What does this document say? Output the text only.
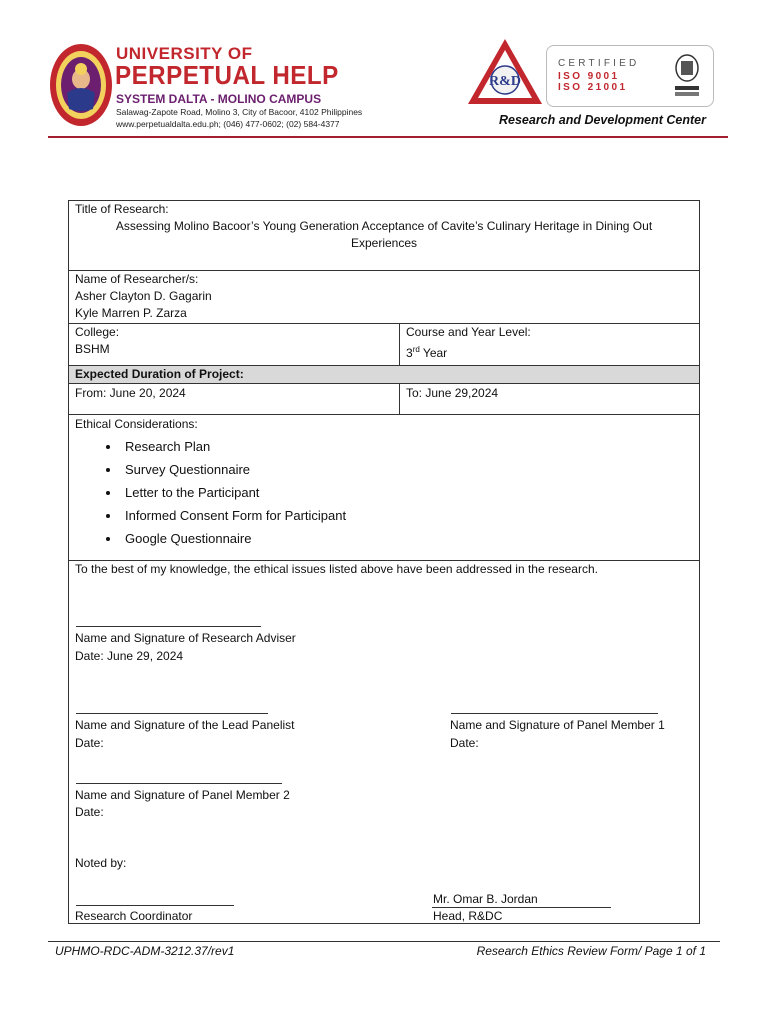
UNIVERSITY OF
PERPETUAL HELP
SYSTEM DALTA - MOLINO CAMPUS
Salawag-Zapote Road, Molino 3, City of Bacoor, 4102 Philippines
www.perpetualdalta.edu.ph; (046) 477-0602; (02) 584-4377
R&D
CERTIFIED
ISO 9001
ISO 21001
Research and Development Center
Title of Research:
Assessing Molino Bacoor’s Young Generation Acceptance of Cavite’s Culinary Heritage in Dining Out Experiences
Name of Researcher/s:
Asher Clayton D. Gagarin
Kyle Marren P. Zarza
College:
BSHM
Course and Year Level:
3rd Year
Expected Duration of Project:
From: June 20, 2024	To: June 29,2024
Ethical Considerations:
• Research Plan
• Survey Questionnaire
• Letter to the Participant
• Informed Consent Form for Participant
• Google Questionnaire
To the best of my knowledge, the ethical issues listed above have been addressed in the research.
Name and Signature of Research Adviser
Date: June 29, 2024
Name and Signature of the Lead Panelist
Date:
Name and Signature of Panel Member 1
Date:
Name and Signature of Panel Member 2
Date:
Noted by:
Research Coordinator
Mr. Omar B. Jordan
Head, R&DC
UPHMO-RDC-ADM-3212.37/rev1	Research Ethics Review Form/ Page 1 of 1
